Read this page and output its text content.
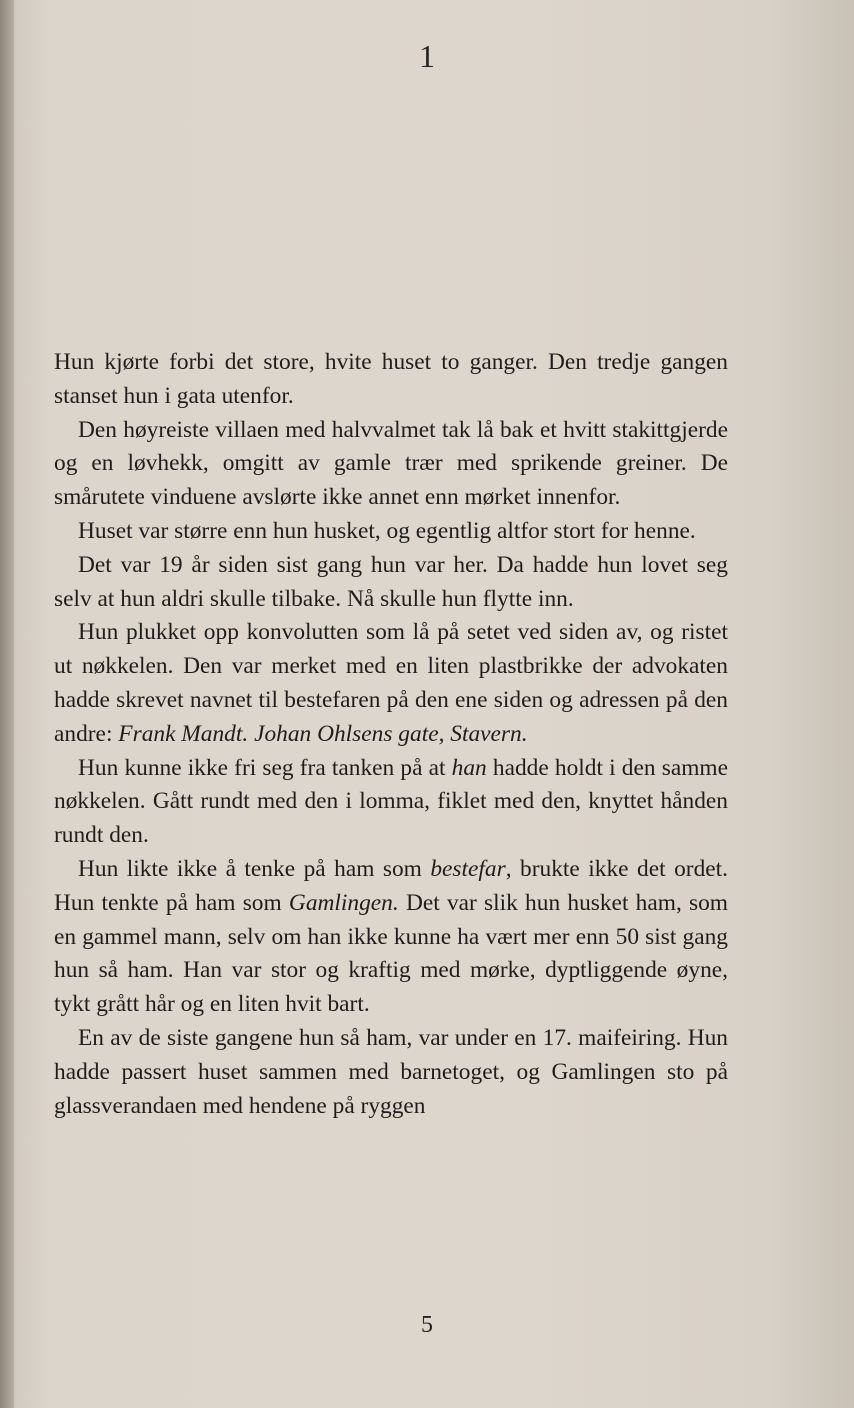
1

Hun kjørte forbi det store, hvite huset to ganger. Den tredje gangen stanset hun i gata utenfor.

Den høyreiste villaen med halvvalmet tak lå bak et hvitt stakittgjerde og en løvhekk, omgitt av gamle trær med sprikende greiner. De smårutete vinduene avslørte ikke annet enn mørket innenfor.

Huset var større enn hun husket, og egentlig altfor stort for henne.

Det var 19 år siden sist gang hun var her. Da hadde hun lovet seg selv at hun aldri skulle tilbake. Nå skulle hun flytte inn.

Hun plukket opp konvolutten som lå på setet ved siden av, og ristet ut nøkkelen. Den var merket med en liten plastbrikke der advokaten hadde skrevet navnet til bestefaren på den ene siden og adressen på den andre: Frank Mandt. Johan Ohlsens gate, Stavern.

Hun kunne ikke fri seg fra tanken på at han hadde holdt i den samme nøkkelen. Gått rundt med den i lomma, fiklet med den, knyttet hånden rundt den.

Hun likte ikke å tenke på ham som bestefar, brukte ikke det ordet. Hun tenkte på ham som Gamlingen. Det var slik hun husket ham, som en gammel mann, selv om han ikke kunne ha vært mer enn 50 sist gang hun så ham. Han var stor og kraftig med mørke, dyptliggende øyne, tykt grått hår og en liten hvit bart.

En av de siste gangene hun så ham, var under en 17. maifeiring. Hun hadde passert huset sammen med barnetoget, og Gamlingen sto på glassverandaen med hendene på ryggen

5
